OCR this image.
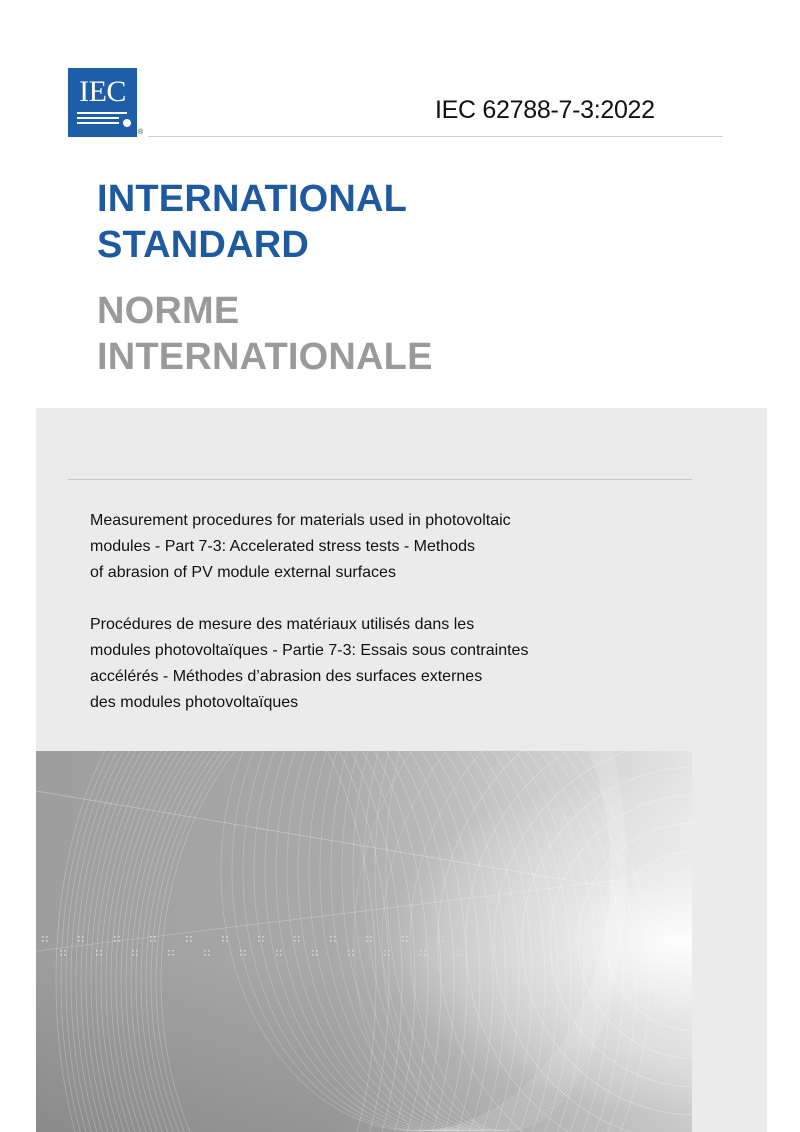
IEC
®
IEC 62788-7-3:2022
INTERNATIONAL
STANDARD
NORME
INTERNATIONALE
Measurement procedures for materials used in photovoltaic
modules - Part 7-3: Accelerated stress tests - Methods
of abrasion of PV module external surfaces
Procédures de mesure des matériaux utilisés dans les
modules photovoltaïques - Partie 7-3: Essais sous contraintes
accélérés - Méthodes d’abrasion des surfaces externes
des modules photovoltaïques
